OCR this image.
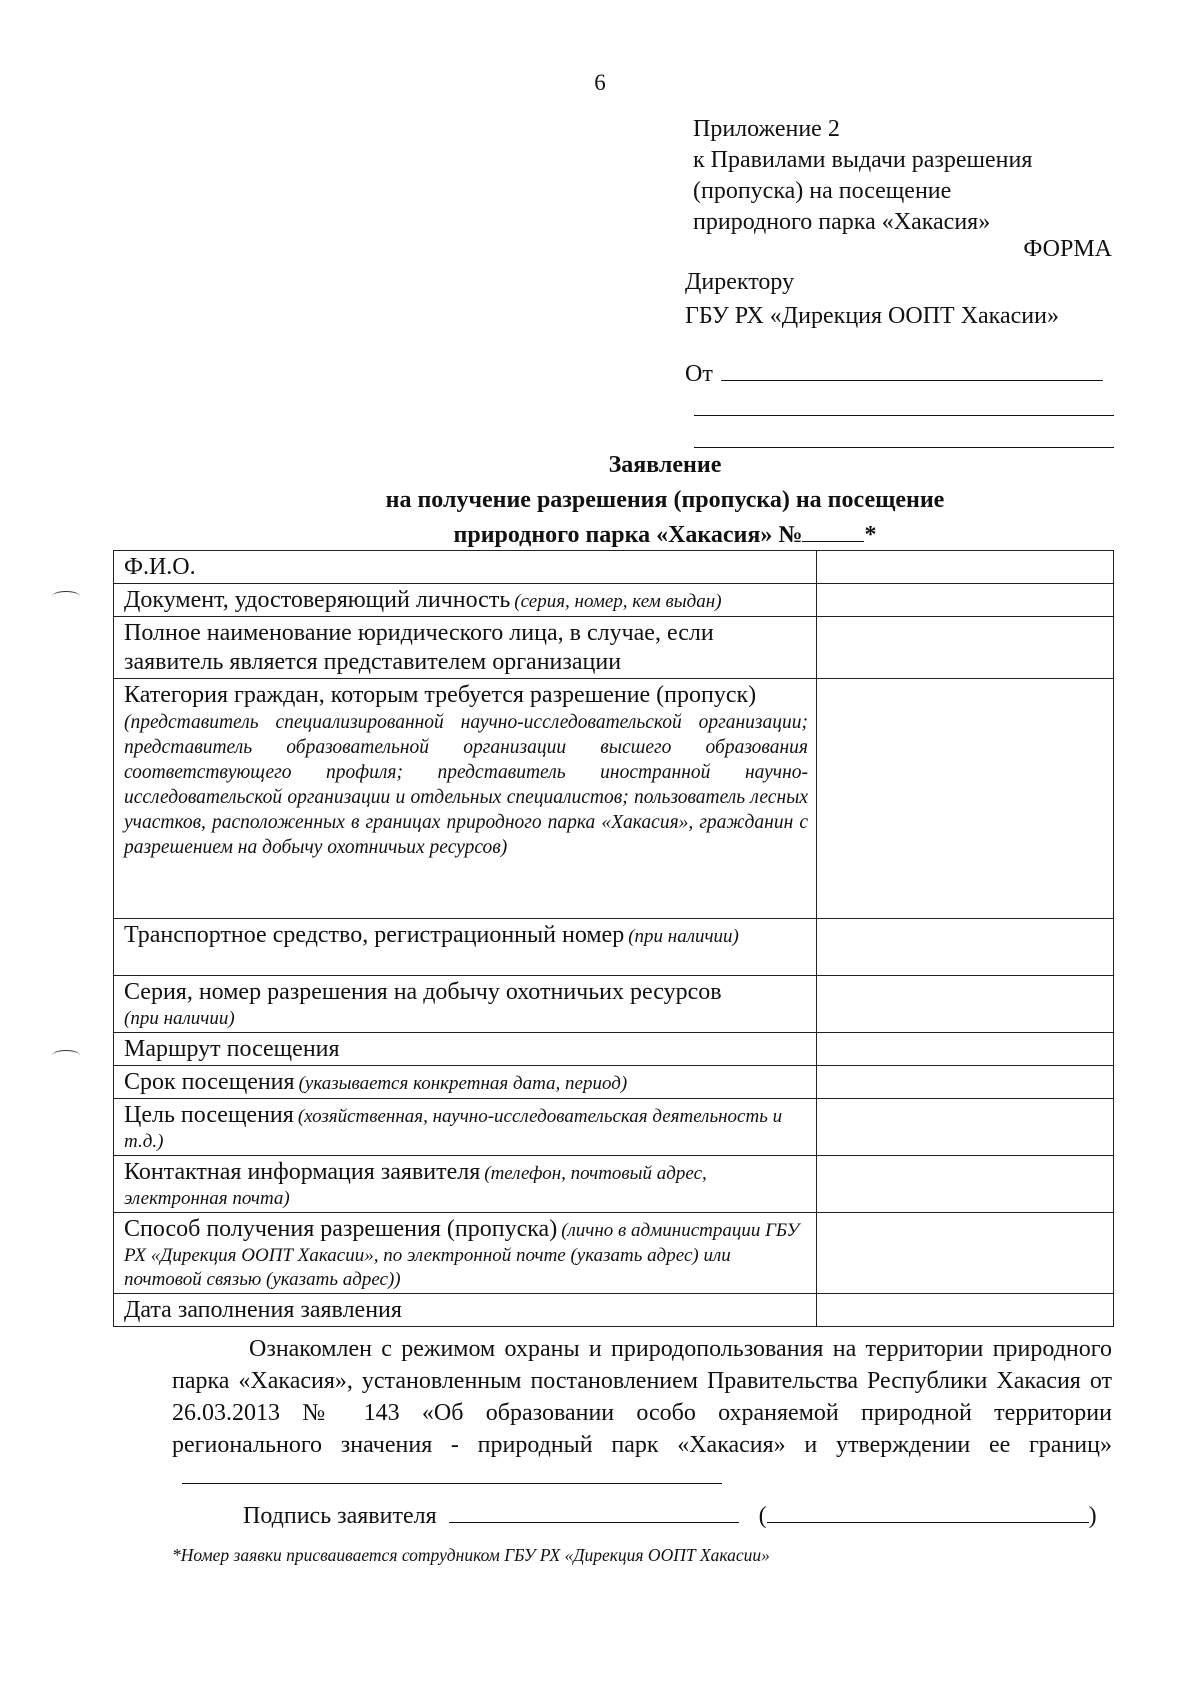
6
Приложение 2
к Правилами выдачи разрешения
(пропуска) на посещение
природного парка «Хакасия»
ФОРМА
Директору
ГБУ РХ «Дирекция ООПТ Хакасии»
От
Заявление
на получение разрешения (пропуска) на посещение
природного парка «Хакасия» №	*
Ф.И.О.	
Документ, удостоверяющий личность (серия, номер, кем выдан)	
Полное наименование юридического лица, в случае, если заявитель является представителем организации	

Категория граждан, которым требуется разрешение (пропуск)
(представитель специализированной научно-исследовательской организации; представитель образовательной организации высшего образования соответствующего профиля; представитель иностранной научно-исследовательской организации и отдельных специалистов; пользователь лесных участков, расположенных в границах природного парка «Хакасия», гражданин с разрешением на добычу охотничьих ресурсов)	

Транспортное средство, регистрационный номер (при наличии)	

Серия, номер разрешения на добычу охотничьих ресурсов
(при наличии)	

Маршрут посещения	
Срок посещения (указывается конкретная дата, период)	
Цель посещения (хозяйственная, научно-исследовательская деятельность и т.д.)	
Контактная информация заявителя (телефон, почтовый адрес, электронная почта)	
Способ получения разрешения (пропуска) (лично в администрации ГБУ РХ «Дирекция ООПТ Хакасии», по электронной почте (указать адрес) или почтовой связью (указать адрес))	
Дата заполнения заявления	
Ознакомлен с режимом охраны и природопользования на территории природного парка «Хакасия», установленным постановлением Правительства Республики Хакасия от 26.03.2013 № 143 «Об образовании особо охраняемой природной территории регионального значения - природный парк «Хакасия» и утверждении ее границ»
Подпись заявителя	(	)
*Номер заявки присваивается сотрудником ГБУ РХ «Дирекция ООПТ Хакасии»
